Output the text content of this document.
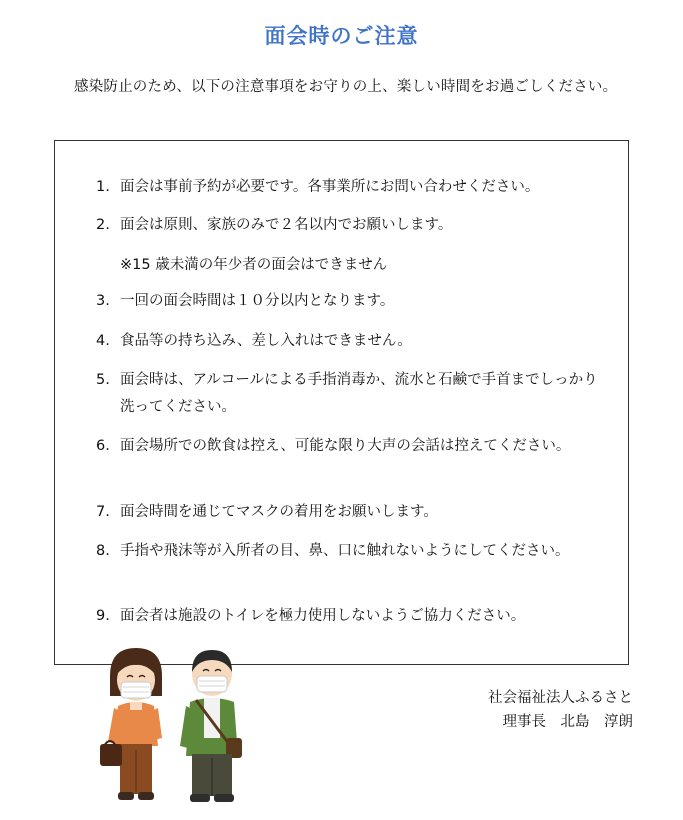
面会時のご注意
感染防止のため、以下の注意事項をお守りの上、楽しい時間をお過ごしください。
1. 面会は事前予約が必要です。各事業所にお問い合わせください。
2. 面会は原則、家族のみで２名以内でお願いします。
※15 歳未満の年少者の面会はできません
3. 一回の面会時間は１０分以内となります。
4. 食品等の持ち込み、差し入れはできません。
5. 面会時は、アルコールによる手指消毒か、流水と石鹸で手首までしっかり洗ってください。
6. 面会場所での飲食は控え、可能な限り大声の会話は控えてください。
7. 面会時間を通じてマスクの着用をお願いします。
8. 手指や飛沫等が入所者の目、鼻、口に触れないようにしてください。
9. 面会者は施設のトイレを極力使用しないようご協力ください。
社会福祉法人ふるさと
理事長　北島　淳朗
